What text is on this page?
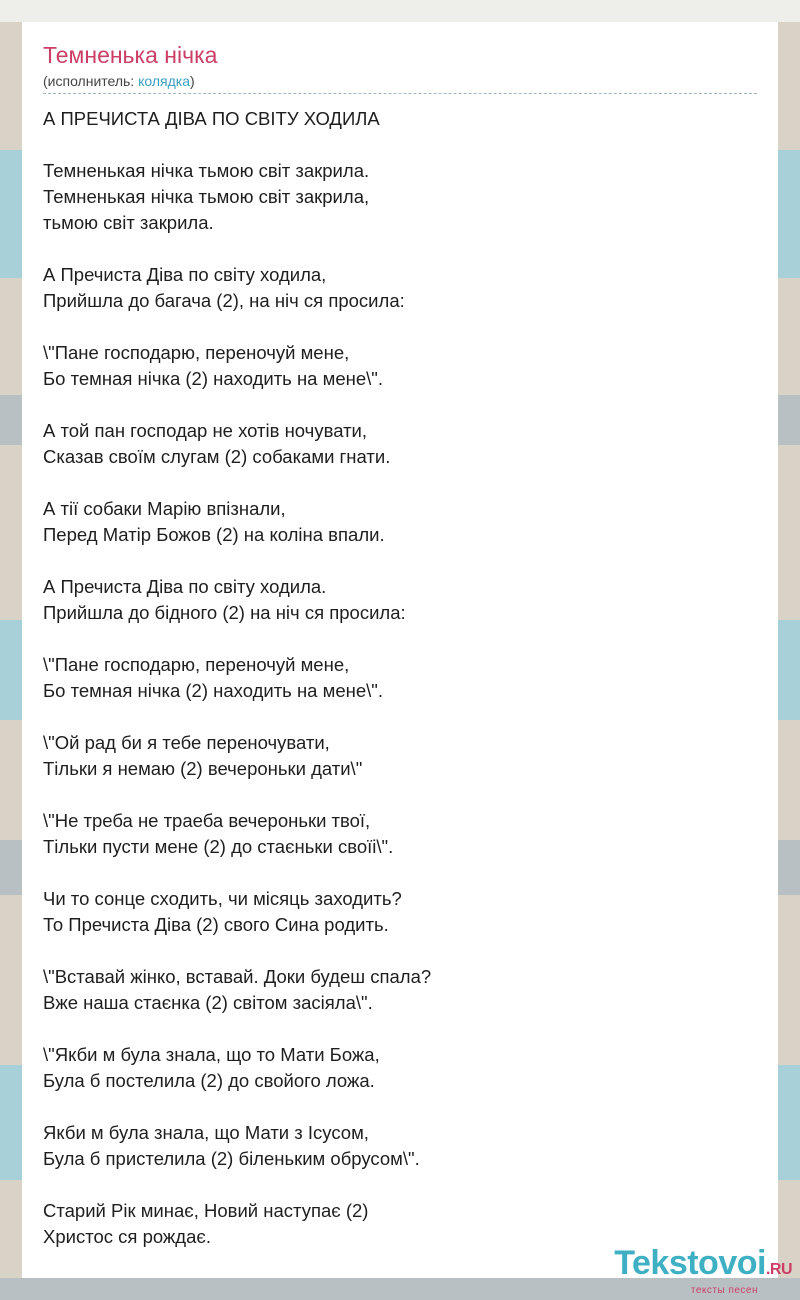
Темненька нічка
(исполнитель: колядка)
А ПРЕЧИСТА ДІВА ПО СВІТУ ХОДИЛА
Темненькая нічка тьмою світ закрила.
Темненькая нічка тьмою світ закрила,
тьмою світ закрила.
А Пречиста Діва по світу ходила,
Прийшла до багача (2), на ніч ся просила:
\"Пане господарю, переночуй мене,
Бо темная нічка (2) находить на мене\".
А той пан господар не хотів ночувати,
Сказав своїм слугам (2) собаками гнати.
А тії собаки Марію впізнали,
Перед Матір Божов (2) на коліна впали.
А Пречиста Діва по світу ходила.
Прийшла до бідного (2) на ніч ся просила:
\"Пане господарю, переночуй мене,
Бо темная нічка (2) находить на мене\".
\"Ой рад би я тебе переночувати,
Тільки я немаю (2) вечероньки дати\"
\"Не треба не траеба вечероньки твої,
Тільки пусти мене (2) до стаєньки своїі\".
Чи то сонце сходить, чи місяць заходить?
То Пречиста Діва (2) свого Сина родить.
\"Вставай жінко, вставай. Доки будеш спала?
Вже наша стаєнка (2) світом засіяла\".
\"Якби м була знала, що то Мати Божа,
Була б постелила (2) до свойого ложа.
Якби м була знала, що Мати з Ісусом,
Була б пристелила (2) біленьким обрусом\".
Старий Рік минає, Новий наступає (2)
Христос ся рождає.
Tekstovoi.RU
тексты песен
